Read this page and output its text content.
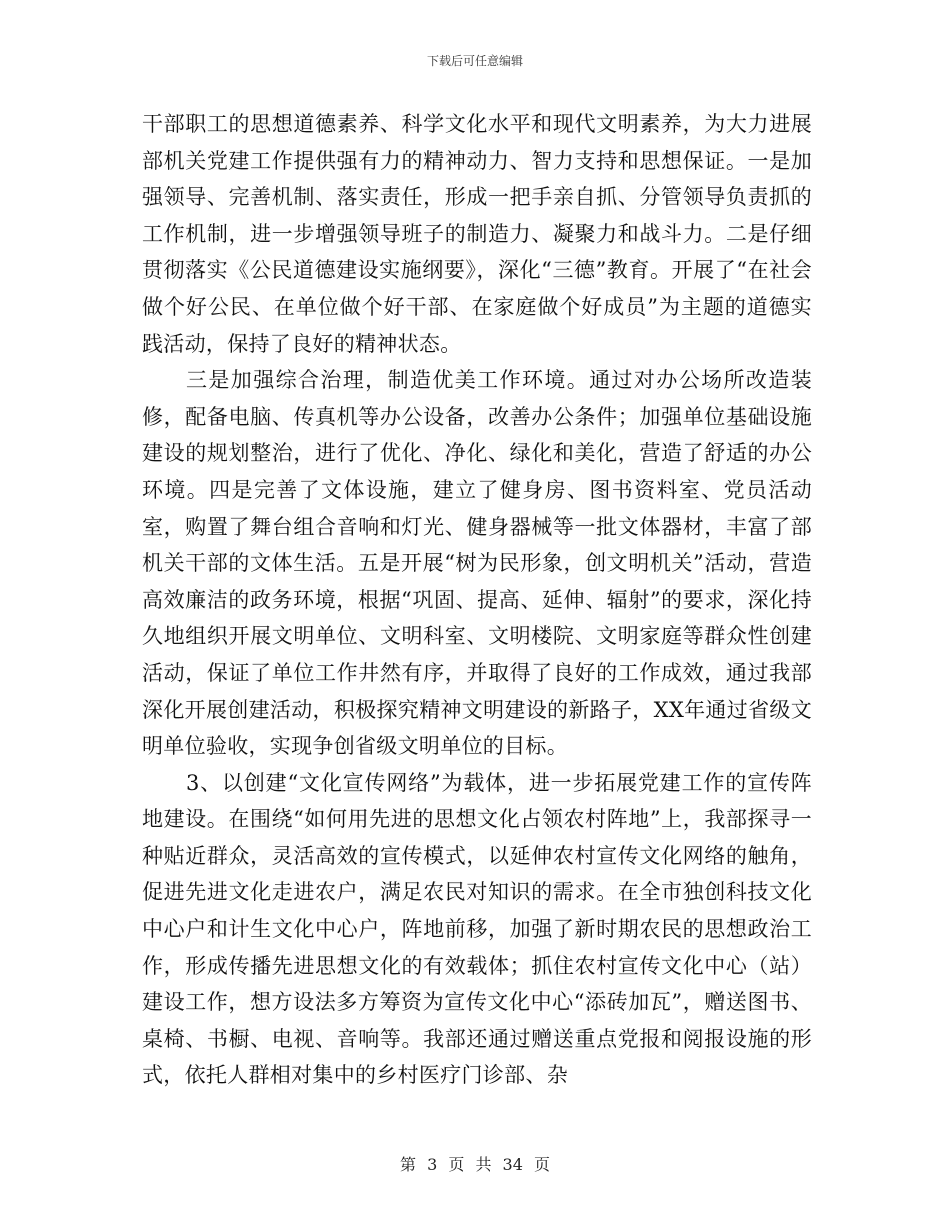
下载后可任意编辑

干部职工的思想道德素养、科学文化水平和现代文明素养，为大力进展部机关党建工作提供强有力的精神动力、智力支持和思想保证。一是加强领导、完善机制、落实责任，形成一把手亲自抓、分管领导负责抓的工作机制，进一步增强领导班子的制造力、凝聚力和战斗力。二是仔细贯彻落实《公民道德建设实施纲要》，深化“三德”教育。开展了“在社会做个好公民、在单位做个好干部、在家庭做个好成员”为主题的道德实践活动，保持了良好的精神状态。

三是加强综合治理，制造优美工作环境。通过对办公场所改造装修，配备电脑、传真机等办公设备，改善办公条件；加强单位基础设施建设的规划整治，进行了优化、净化、绿化和美化，营造了舒适的办公环境。四是完善了文体设施，建立了健身房、图书资料室、党员活动室，购置了舞台组合音响和灯光、健身器械等一批文体器材，丰富了部机关干部的文体生活。五是开展“树为民形象，创文明机关”活动，营造高效廉洁的政务环境，根据“巩固、提高、延伸、辐射”的要求，深化持久地组织开展文明单位、文明科室、文明楼院、文明家庭等群众性创建活动，保证了单位工作井然有序，并取得了良好的工作成效，通过我部深化开展创建活动，积极探究精神文明建设的新路子，XX年通过省级文明单位验收，实现争创省级文明单位的目标。

3、以创建“文化宣传网络”为载体，进一步拓展党建工作的宣传阵地建设。在围绕“如何用先进的思想文化占领农村阵地”上，我部探寻一种贴近群众，灵活高效的宣传模式，以延伸农村宣传文化网络的触角，促进先进文化走进农户，满足农民对知识的需求。在全市独创科技文化中心户和计生文化中心户，阵地前移，加强了新时期农民的思想政治工作，形成传播先进思想文化的有效载体；抓住农村宣传文化中心（站）建设工作，想方设法多方筹资为宣传文化中心“添砖加瓦”，赠送图书、桌椅、书橱、电视、音响等。我部还通过赠送重点党报和阅报设施的形式，依托人群相对集中的乡村医疗门诊部、杂

第 3 页 共 34 页
